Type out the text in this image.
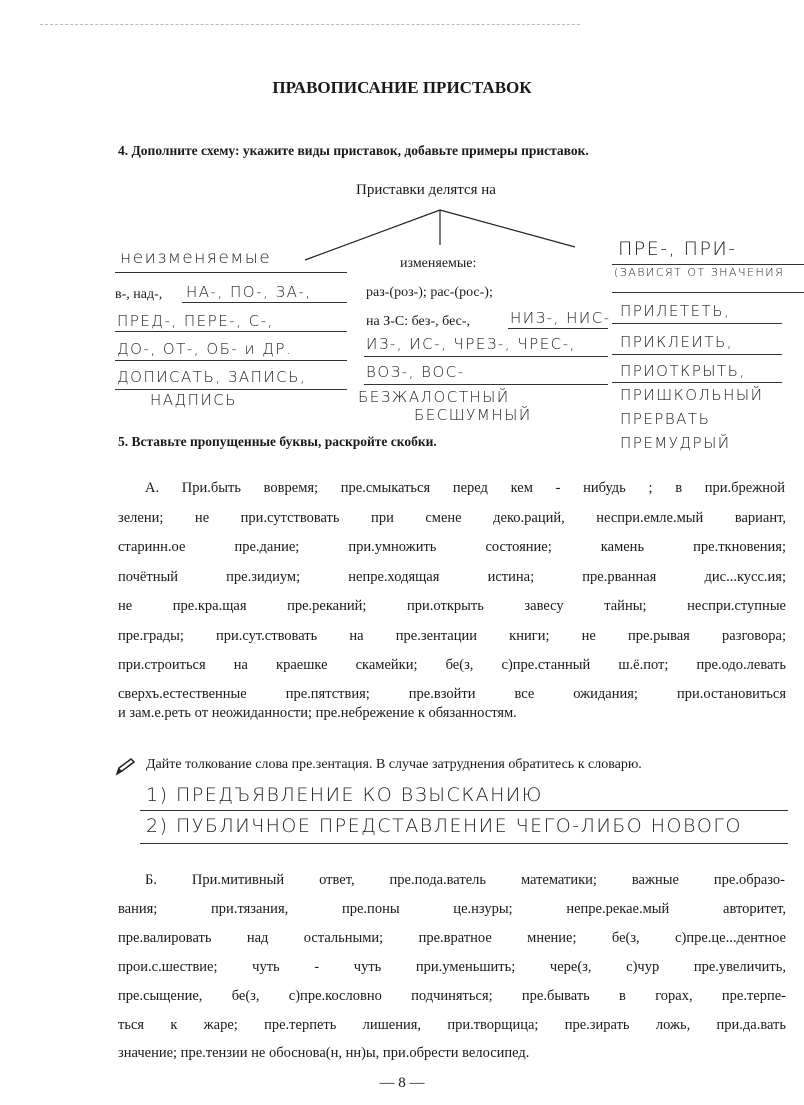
ПРАВОПИСАНИЕ ПРИСТАВОК
4. Дополните схему: укажите виды приставок, добавьте примеры приставок.
Приставки делятся на
неизменяемые
в-, над-, НА-, ПО-, ЗА-,
ПРЕД-, ПЕРЕ-, С-,
ДО-, ОТ-, ОБ- и ДР.
ДОПИСАТЬ, ЗАПИСЬ,
НАДПИСЬ
изменяемые:
раз-(роз-); рас-(рос-);
на З-С: без-, бес-,	НИЗ-, НИС-
ИЗ-, ИС-, ЧРЕЗ-, ЧРЕС-,
ВОЗ-, ВОС-
БЕЗЖАЛОСТНЫЙ
БЕСШУМНЫЙ
ПРЕ-, ПРИ-
(ЗАВИСЯТ ОТ ЗНАЧЕНИЯ
ПРИЛЕТЕТЬ,
ПРИКЛЕИТЬ,
ПРИОТКРЫТЬ,
ПРИШКОЛЬНЫЙ
ПРЕРВАТЬ
ПРЕМУДРЫЙ
5. Вставьте пропущенные буквы, раскройте скобки.
А. При.быть вовремя; пре.смыкаться перед кем - нибудь ; в при.брежной
зелени; не при.сутствовать при смене деко.раций, неспри.емле.мый вариант,
старинн.ое пре.дание; при.умножить состояние; камень пре.ткновения;
почётный пре.зидиум; непре.ходящая истина; пре.рванная дис...кусс.ия;
не пре.кра.щая пре.реканий; при.открыть завесу тайны; неспри.ступные
пре.грады; при.сут.ствовать на пре.зентации книги; не пре.рывая разговора;
при.строиться на краешке скамейки; бе(з, с)пре.станный ш.ё.пот; пре.одо.левать
сверхъ.естественные пре.пятствия; пре.взойти все ожидания; при.остановиться
и зам.е.реть от неожиданности; пре.небрежение к обязанностям.
Дайте толкование слова пре.зентация. В случае затруднения обратитесь к словарю.
1) ПРЕДЪЯВЛЕНИЕ КО ВЗЫСКАНИЮ
2) ПУБЛИЧНОЕ ПРЕДСТАВЛЕНИЕ ЧЕГО-ЛИБО НОВОГО
Б. При.митивный ответ, пре.пода.ватель математики; важные пре.образо-
вания; при.тязания, пре.поны це.нзуры; непре.рекае.мый авторитет,
пре.валировать над остальными; пре.вратное мнение; бе(з, с)пре.це...дентное
прои.с.шествие; чуть - чуть при.уменьшить; чере(з, с)чур пре.увеличить,
пре.сыщение, бе(з, с)пре.кословно подчиняться; пре.бывать в горах, пре.терпе-
ться к жаре; пре.терпеть лишения, при.творщица; пре.зирать ложь, при.да.вать
значение; пре.тензии не обоснова(н, нн)ы, при.обрести велосипед.
— 8 —
